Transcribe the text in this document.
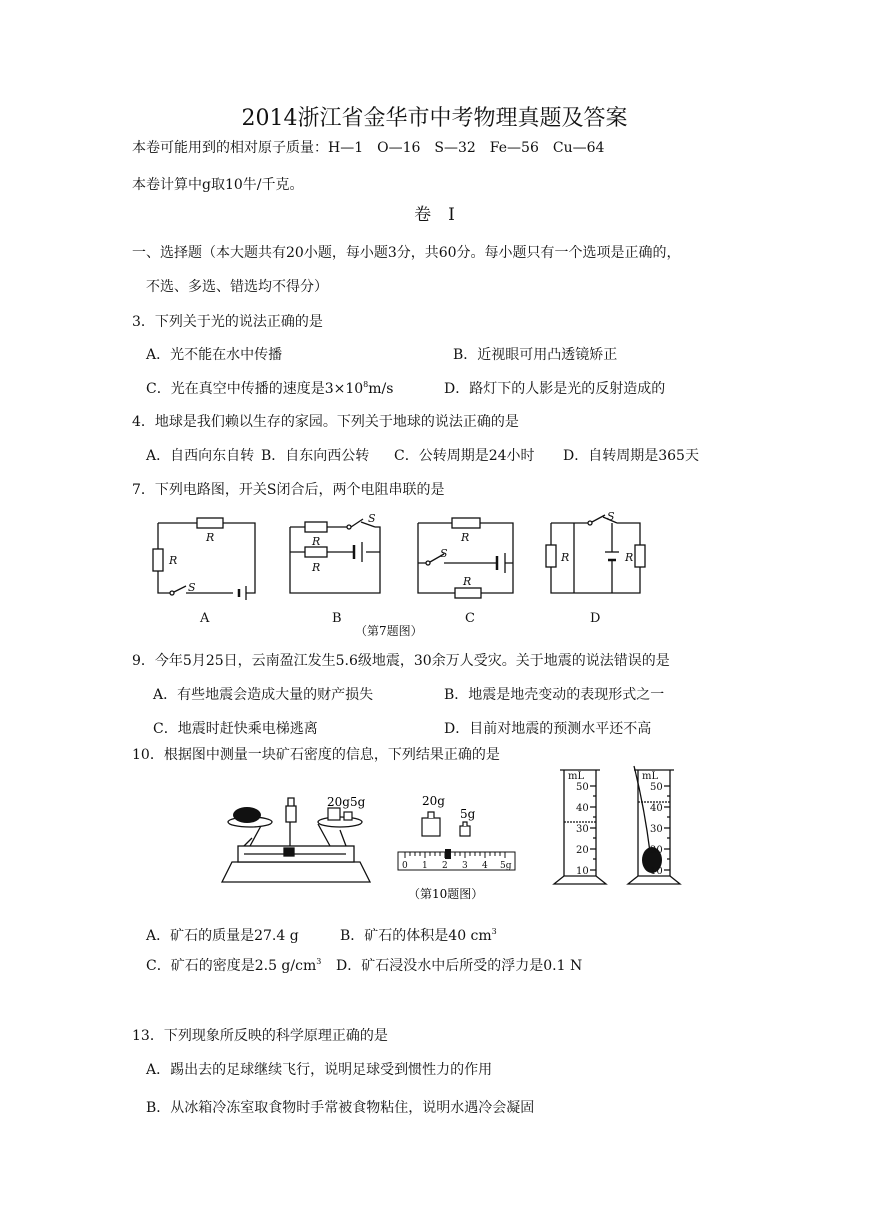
2014浙江省金华市中考物理真题及答案
本卷可能用到的相对原子质量：H—1　O—16　S—32　Fe—56　Cu—64
本卷计算中g取10牛/千克。
卷　Ⅰ
一、选择题（本大题共有20小题，每小题3分，共60分。每小题只有一个选项是正确的，
不选、多选、错选均不得分）
3．下列关于光的说法正确的是
A．光不能在水中传播	B．近视眼可用凸透镜矫正
C．光在真空中传播的速度是$3\times 10^8m/s$	D．路灯下的人影是光的反射造成的
4．地球是我们赖以生存的家园。下列关于地球的说法正确的是
A．自西向东自转 B．自东向西公转 C．公转周期是24小时 D．自转周期是365天
7．下列电路图，开关S闭合后，两个电阻串联的是
R
R
S
A
R
S
R
B
R
S
R
C
S
R	R
D
（第7题图）
9．今年5月25日，云南盈江发生5.6级地震，30余万人受灾。关于地震的说法错误的是
A．有些地震会造成大量的财产损失	B．地震是地壳变动的表现形式之一
C．地震时赶快乘电梯逃离	D．目前对地震的预测水平还不高
10．根据图中测量一块矿石密度的信息，下列结果正确的是
20g5g	20g
5g
0 1 2 3 4 5g
（第10题图）
mL
50
40
30
20
10
mL
50
40
30
20
10
A．矿石的质量是27.4 g	B．矿石的体积是40 $cm^3$
C．矿石的密度是2.5 $g/cm^3$ D．矿石浸没水中后所受的浮力是0.1 N
13．下列现象所反映的科学原理正确的是
A．踢出去的足球继续飞行，说明足球受到惯性力的作用
B．从冰箱冷冻室取食物时手常被食物粘住，说明水遇冷会凝固
